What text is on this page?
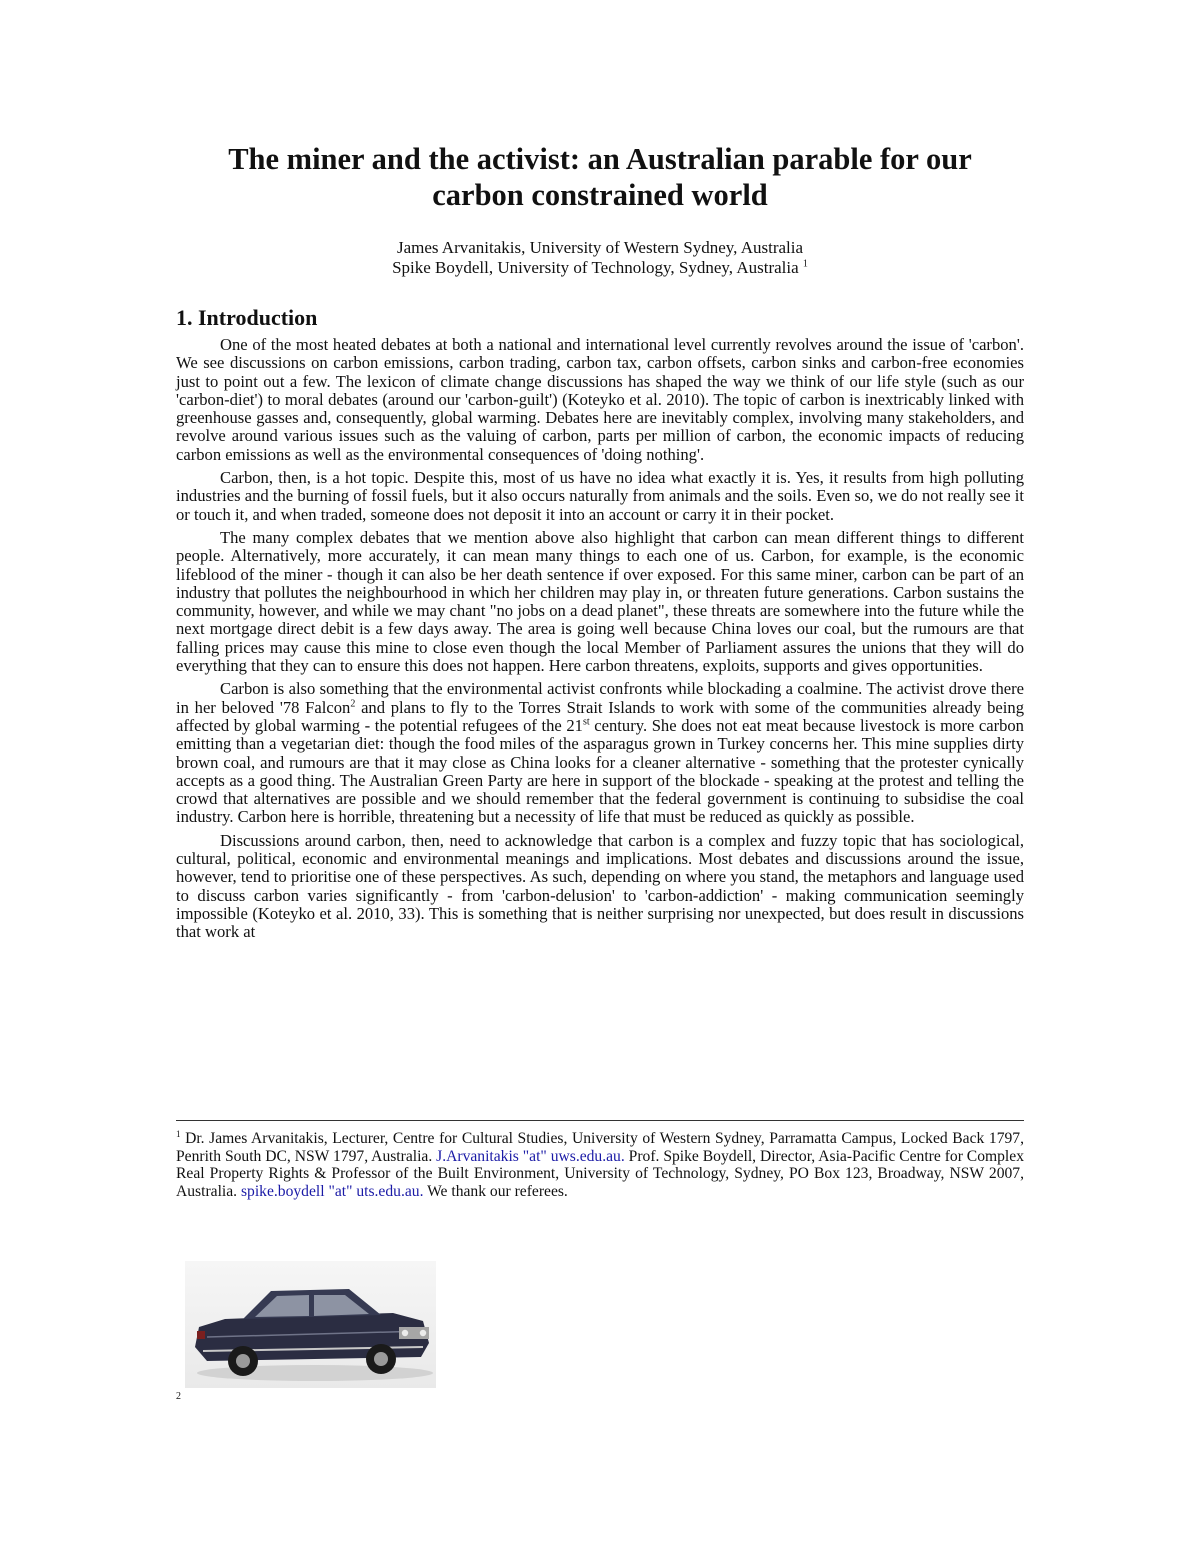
The miner and the activist: an Australian parable for our
carbon constrained world
James Arvanitakis, University of Western Sydney, Australia
Spike Boydell, University of Technology, Sydney, Australia $^1$
1. Introduction

One of the most heated debates at both a national and international level currently revolves around the issue of 'carbon'. We see discussions on carbon emissions, carbon trading, carbon tax, carbon offsets, carbon sinks and carbon-free economies just to point out a few. The lexicon of climate change discussions has shaped the way we think of our life style (such as our 'carbon-diet') to moral debates (around our 'carbon-guilt') (Koteyko et al. 2010). The topic of carbon is inextricably linked with greenhouse gasses and, consequently, global warming. Debates here are inevitably complex, involving many stakeholders, and revolve around various issues such as the valuing of carbon, parts per million of carbon, the economic impacts of reducing carbon emissions as well as the environmental consequences of 'doing nothing'.

Carbon, then, is a hot topic. Despite this, most of us have no idea what exactly it is. Yes, it results from high polluting industries and the burning of fossil fuels, but it also occurs naturally from animals and the soils. Even so, we do not really see it or touch it, and when traded, someone does not deposit it into an account or carry it in their pocket.

The many complex debates that we mention above also highlight that carbon can mean different things to different people. Alternatively, more accurately, it can mean many things to each one of us. Carbon, for example, is the economic lifeblood of the miner - though it can also be her death sentence if over exposed. For this same miner, carbon can be part of an industry that pollutes the neighbourhood in which her children may play in, or threaten future generations. Carbon sustains the community, however, and while we may chant "no jobs on a dead planet", these threats are somewhere into the future while the next mortgage direct debit is a few days away. The area is going well because China loves our coal, but the rumours are that falling prices may cause this mine to close even though the local Member of Parliament assures the unions that they will do everything that they can to ensure this does not happen. Here carbon threatens, exploits, supports and gives opportunities.

Carbon is also something that the environmental activist confronts while blockading a coalmine. The activist drove there in her beloved '78 Falcon$^2$ and plans to fly to the Torres Strait Islands to work with some of the communities already being affected by global warming - the potential refugees of the 21st century. She does not eat meat because livestock is more carbon emitting than a vegetarian diet: though the food miles of the asparagus grown in Turkey concerns her. This mine supplies dirty brown coal, and rumours are that it may close as China looks for a cleaner alternative - something that the protester cynically accepts as a good thing. The Australian Green Party are here in support of the blockade - speaking at the protest and telling the crowd that alternatives are possible and we should remember that the federal government is continuing to subsidise the coal industry. Carbon here is horrible, threatening but a necessity of life that must be reduced as quickly as possible.

Discussions around carbon, then, need to acknowledge that carbon is a complex and fuzzy topic that has sociological, cultural, political, economic and environmental meanings and implications. Most debates and discussions around the issue, however, tend to prioritise one of these perspectives. As such, depending on where you stand, the metaphors and language used to discuss carbon varies significantly - from 'carbon-delusion' to 'carbon-addiction' - making communication seemingly impossible (Koteyko et al. 2010, 33). This is something that is neither surprising nor unexpected, but does result in discussions that work at

$^1$ Dr. James Arvanitakis, Lecturer, Centre for Cultural Studies, University of Western Sydney, Parramatta Campus, Locked Back 1797, Penrith South DC, NSW 1797, Australia. J.Arvanitakis "at" uws.edu.au. Prof. Spike Boydell, Director, Asia-Pacific Centre for Complex Real Property Rights & Professor of the Built Environment, University of Technology, Sydney, PO Box 123, Broadway, NSW 2007, Australia. spike.boydell "at" uts.edu.au. We thank our referees.

2
